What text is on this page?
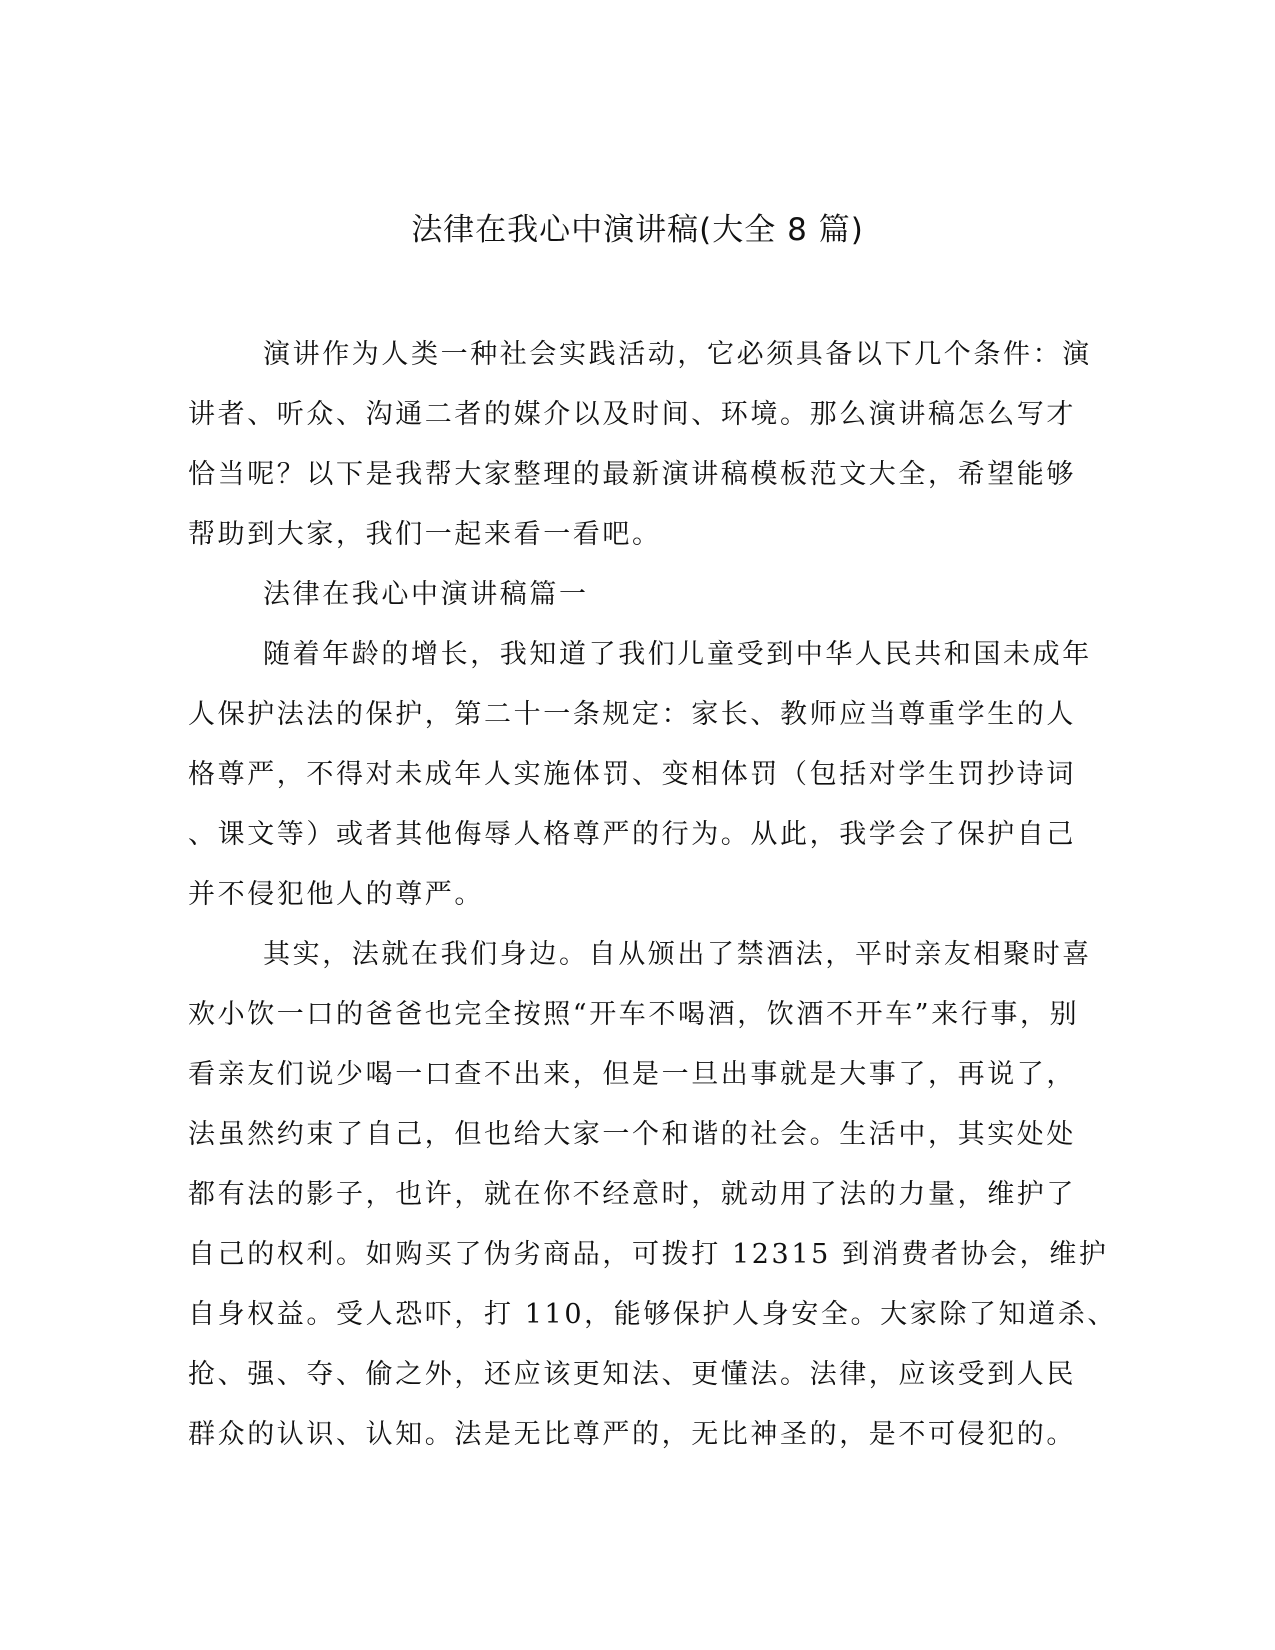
法律在我心中演讲稿(大全 8 篇)
演讲作为人类一种社会实践活动，它必须具备以下几个条件：演
讲者、听众、沟通二者的媒介以及时间、环境。那么演讲稿怎么写才
恰当呢？以下是我帮大家整理的最新演讲稿模板范文大全，希望能够
帮助到大家，我们一起来看一看吧。
法律在我心中演讲稿篇一
随着年龄的增长，我知道了我们儿童受到中华人民共和国未成年
人保护法法的保护，第二十一条规定：家长、教师应当尊重学生的人
格尊严，不得对未成年人实施体罚、变相体罚（包括对学生罚抄诗词
、课文等）或者其他侮辱人格尊严的行为。从此，我学会了保护自己
并不侵犯他人的尊严。
其实，法就在我们身边。自从颁出了禁酒法，平时亲友相聚时喜
欢小饮一口的爸爸也完全按照“开车不喝酒，饮酒不开车”来行事，别
看亲友们说少喝一口查不出来，但是一旦出事就是大事了，再说了，
法虽然约束了自己，但也给大家一个和谐的社会。生活中，其实处处
都有法的影子，也许，就在你不经意时，就动用了法的力量，维护了
自己的权利。如购买了伪劣商品，可拨打 12315 到消费者协会，维护
自身权益。受人恐吓，打 110，能够保护人身安全。大家除了知道杀、
抢、强、夺、偷之外，还应该更知法、更懂法。法律，应该受到人民
群众的认识、认知。法是无比尊严的，无比神圣的，是不可侵犯的。
